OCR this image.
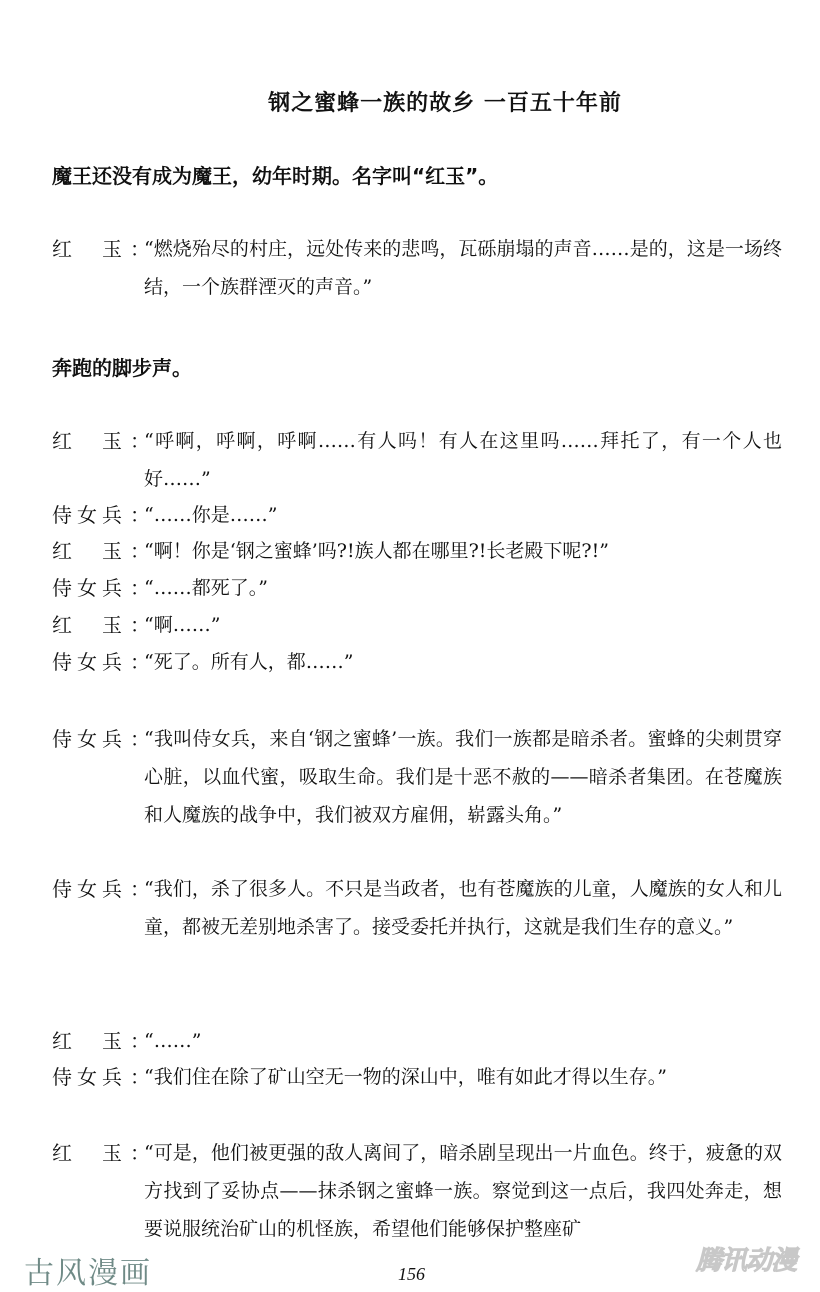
钢之蜜蜂一族的故乡 一百五十年前
魔王还没有成为魔王，幼年时期。名字叫“红玉”。
红 玉 ：
“燃烧殆尽的村庄，远处传来的悲鸣，瓦砾崩塌的声音……是的，这是一场终结，一个族群湮灭的声音。”
奔跑的脚步声。
红 玉 ：
“呼啊，呼啊，呼啊……有人吗！有人在这里吗……拜托了，有一个人也好……”
侍 女 兵 ：
“……你是……”
红 玉 ：
“啊！你是‘钢之蜜蜂’吗?!族人都在哪里?!长老殿下呢?!”
侍 女 兵 ：
“……都死了。”
红 玉 ：
“啊……”
侍 女 兵 ：
“死了。所有人，都……”
侍 女 兵 ：
“我叫侍女兵，来自‘钢之蜜蜂’一族。我们一族都是暗杀者。蜜蜂的尖刺贯穿心脏，以血代蜜，吸取生命。我们是十恶不赦的——暗杀者集团。在苍魔族和人魔族的战争中，我们被双方雇佣，崭露头角。”
侍 女 兵 ：
“我们，杀了很多人。不只是当政者，也有苍魔族的儿童，人魔族的女人和儿童，都被无差别地杀害了。接受委托并执行，这就是我们生存的意义。”
红 玉 ：
“……”
侍 女 兵 ：
“我们住在除了矿山空无一物的深山中，唯有如此才得以生存。”
红 玉 ：
“可是，他们被更强的敌人离间了，暗杀剧呈现出一片血色。终于，疲惫的双方找到了妥协点——抹杀钢之蜜蜂一族。察觉到这一点后，我四处奔走，想要说服统治矿山的机怪族，希望他们能够保护整座矿
古风漫画	156	腾讯动漫
